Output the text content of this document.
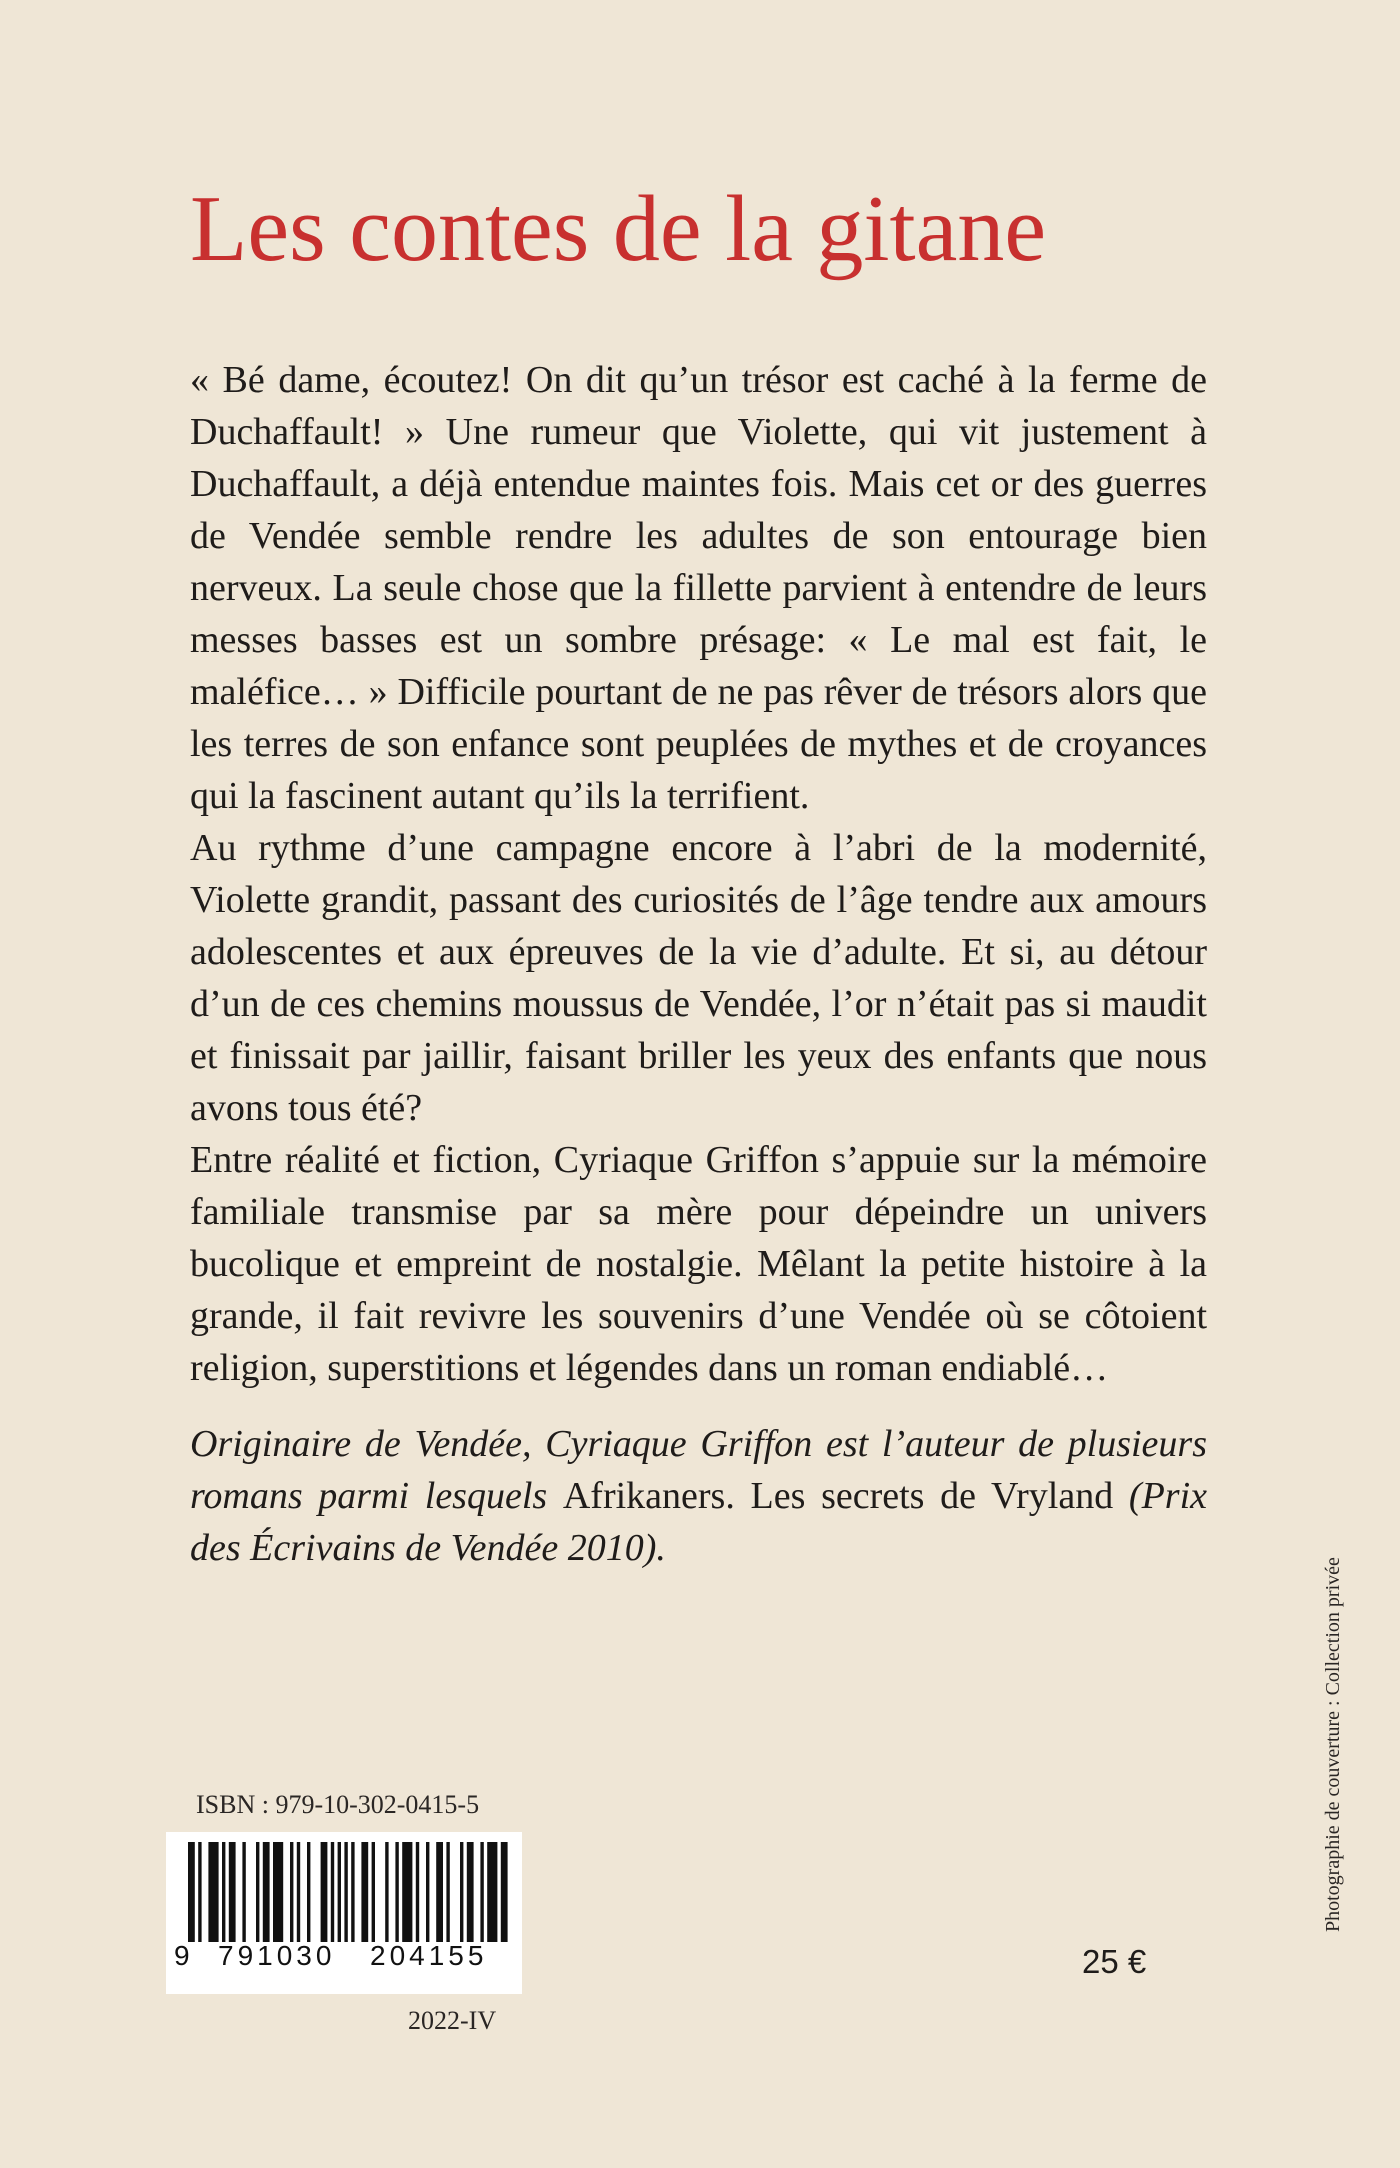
Les contes de la gitane

« Bé dame, écoutez! On dit qu’un trésor est caché à la ferme de Duchaffault! » Une rumeur que Violette, qui vit justement à Duchaffault, a déjà entendue maintes fois. Mais cet or des guerres de Vendée semble rendre les adultes de son entourage bien nerveux. La seule chose que la fillette parvient à entendre de leurs messes basses est un sombre présage: « Le mal est fait, le maléfice… » Difficile pourtant de ne pas rêver de trésors alors que les terres de son enfance sont peuplées de mythes et de croyances qui la fascinent autant qu’ils la terrifient.

Au rythme d’une campagne encore à l’abri de la modernité, Violette grandit, passant des curiosités de l’âge tendre aux amours adolescentes et aux épreuves de la vie d’adulte. Et si, au détour d’un de ces chemins moussus de Vendée, l’or n’était pas si maudit et finissait par jaillir, faisant briller les yeux des enfants que nous avons tous été?

Entre réalité et fiction, Cyriaque Griffon s’appuie sur la mémoire familiale transmise par sa mère pour dépeindre un univers bucolique et empreint de nostalgie. Mêlant la petite histoire à la grande, il fait revivre les souvenirs d’une Vendée où se côtoient religion, superstitions et légendes dans un roman endiablé…

Originaire de Vendée, Cyriaque Griffon est l’auteur de plusieurs romans parmi lesquels Afrikaners. Les secrets de Vryland (Prix des Écrivains de Vendée 2010).
Photographie de couverture : Collection privée
ISBN : 979-10-302-0415-5
9 791030 204155
2022-IV
25 €
